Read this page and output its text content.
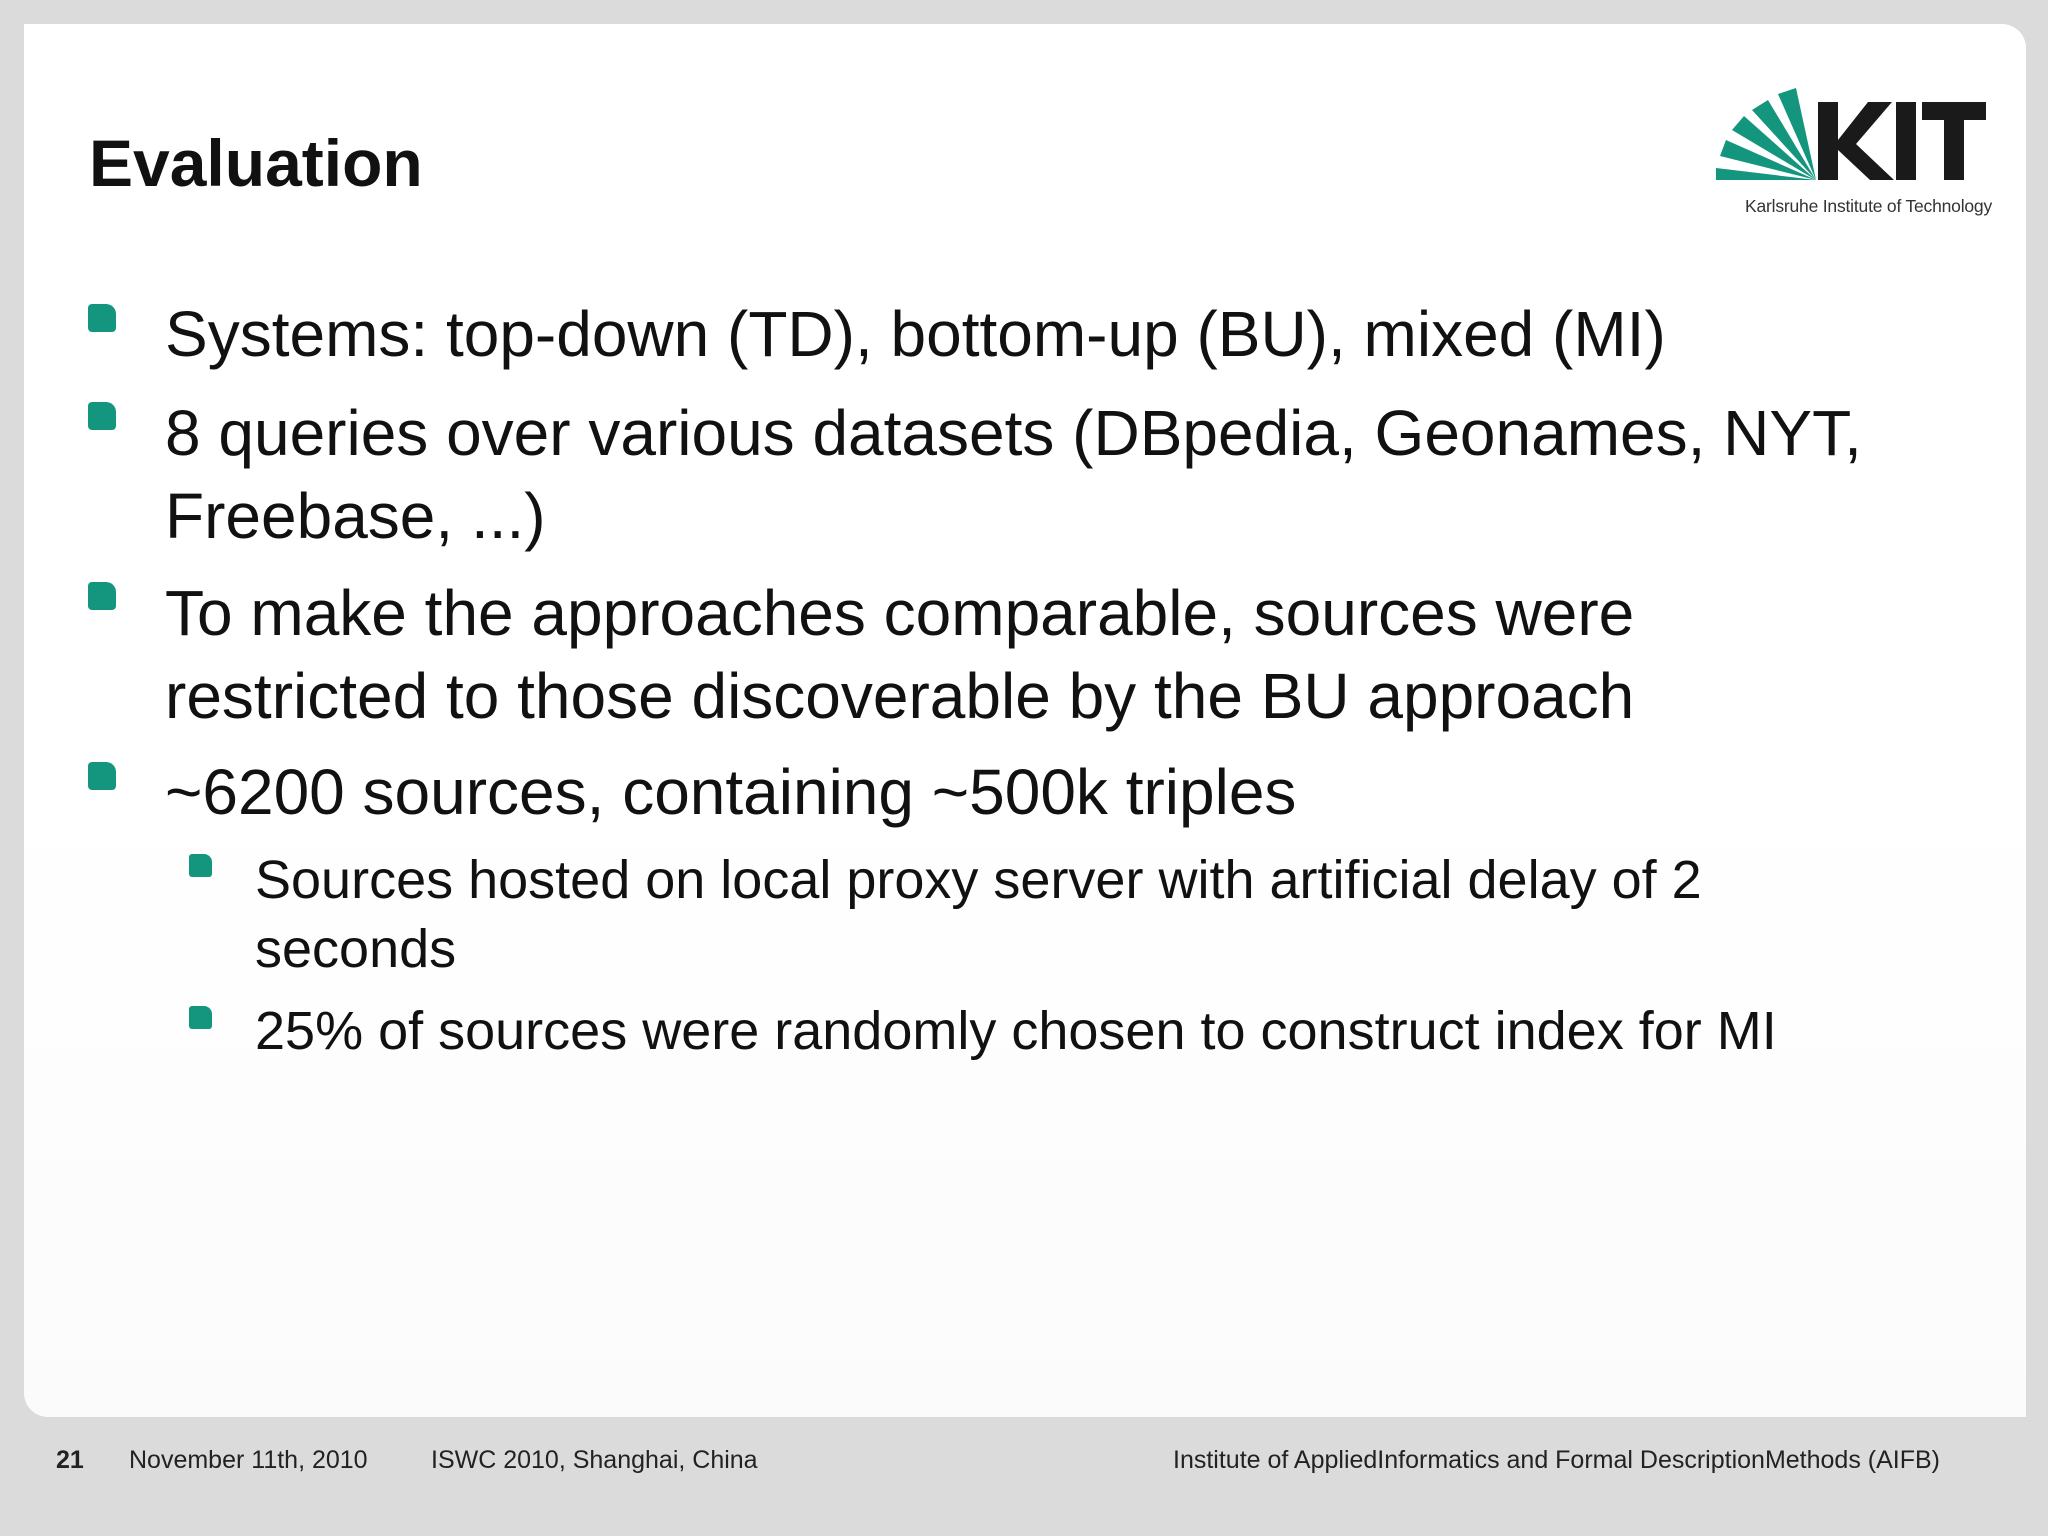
Evaluation
Karlsruhe Institute of Technology
Systems: top-down (TD), bottom-up (BU), mixed (MI)
8 queries over various datasets (DBpedia, Geonames, NYT, Freebase, ...)
To make the approaches comparable, sources were restricted to those discoverable by the BU approach
~6200 sources, containing ~500k triples
Sources hosted on local proxy server with artificial delay of 2 seconds
25% of sources were randomly chosen to construct index for MI
21 November 11th, 2010	ISWC 2010, Shanghai, China	Institute of AppliedInformatics and Formal DescriptionMethods (AIFB)
